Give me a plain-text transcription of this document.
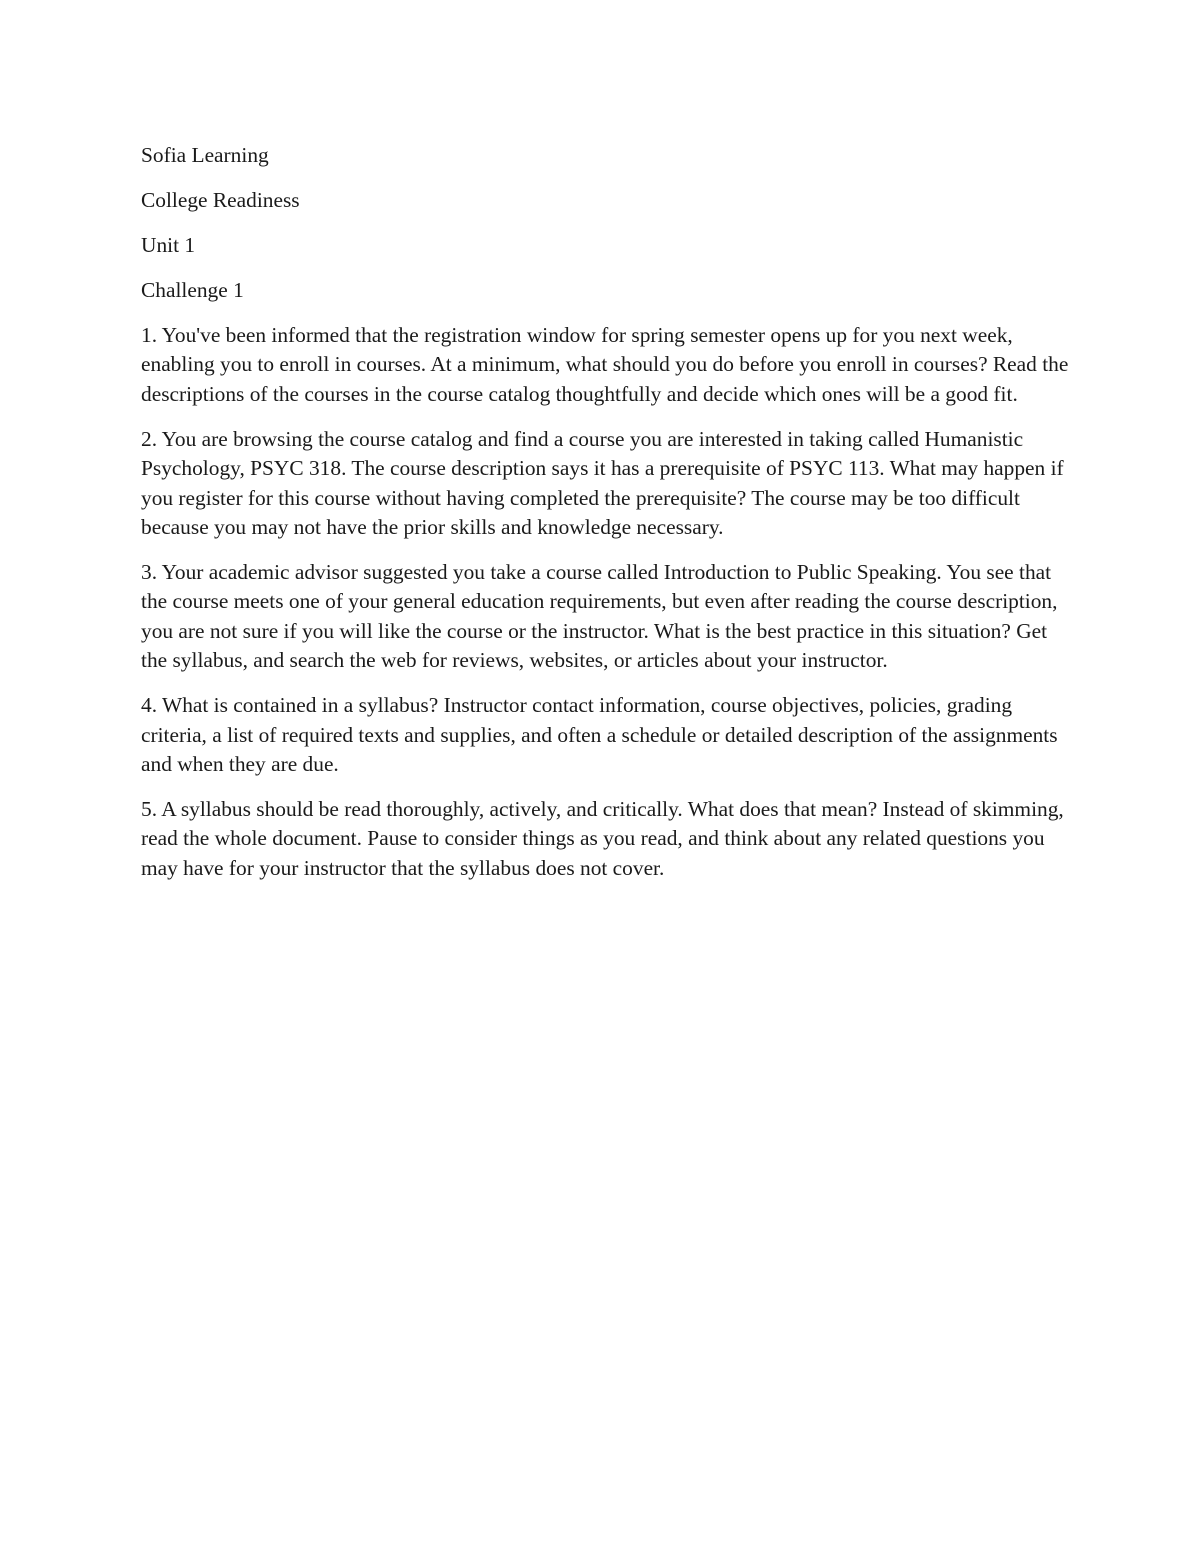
Sofia Learning

College Readiness

Unit 1

Challenge 1

1. You've been informed that the registration window for spring semester opens up for you next week, enabling you to enroll in courses. At a minimum, what should you do before you enroll in courses? Read the descriptions of the courses in the course catalog thoughtfully and decide which ones will be a good fit.

2. You are browsing the course catalog and find a course you are interested in taking called Humanistic Psychology, PSYC 318. The course description says it has a prerequisite of PSYC 113. What may happen if you register for this course without having completed the prerequisite? The course may be too difficult because you may not have the prior skills and knowledge necessary.

3. Your academic advisor suggested you take a course called Introduction to Public Speaking. You see that the course meets one of your general education requirements, but even after reading the course description, you are not sure if you will like the course or the instructor. What is the best practice in this situation? Get the syllabus, and search the web for reviews, websites, or articles about your instructor.

4. What is contained in a syllabus? Instructor contact information, course objectives, policies, grading criteria, a list of required texts and supplies, and often a schedule or detailed description of the assignments and when they are due.

5. A syllabus should be read thoroughly, actively, and critically. What does that mean? Instead of skimming, read the whole document. Pause to consider things as you read, and think about any related questions you may have for your instructor that the syllabus does not cover.
